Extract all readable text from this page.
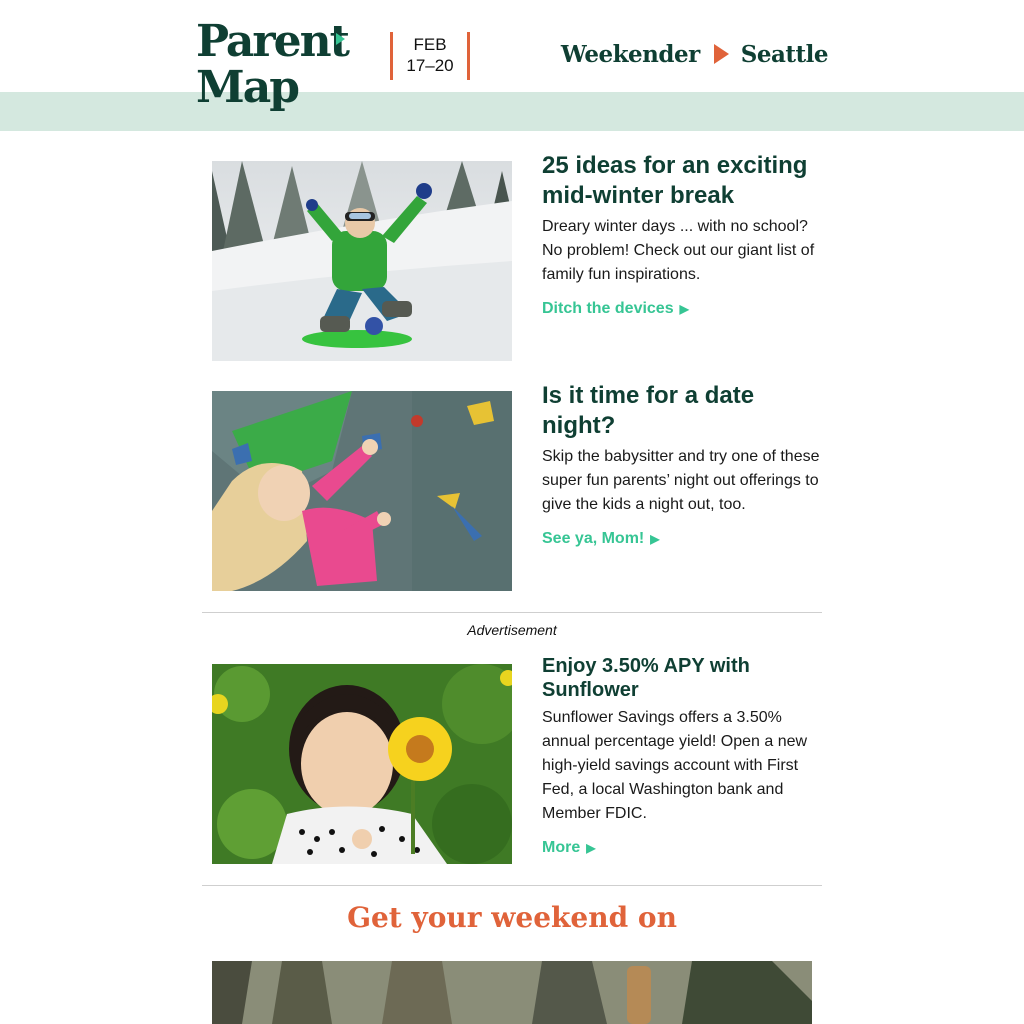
Parent
Map
FEB
17–20	Weekender Seattle
25 ideas for an exciting mid-winter break

Dreary winter days ... with no school? No problem! Check out our giant list of family fun inspirations.

Ditch the devices ▶
Is it time for a date night?

Skip the babysitter and try one of these super fun parents’ night out offerings to give the kids a night out, too.

See ya, Mom! ▶
Advertisement
Enjoy 3.50% APY with Sunflower

Sunflower Savings offers a 3.50% annual percentage yield! Open a new high-yield savings account with First Fed, a local Washington bank and Member FDIC.

More ▶
Get your weekend on
